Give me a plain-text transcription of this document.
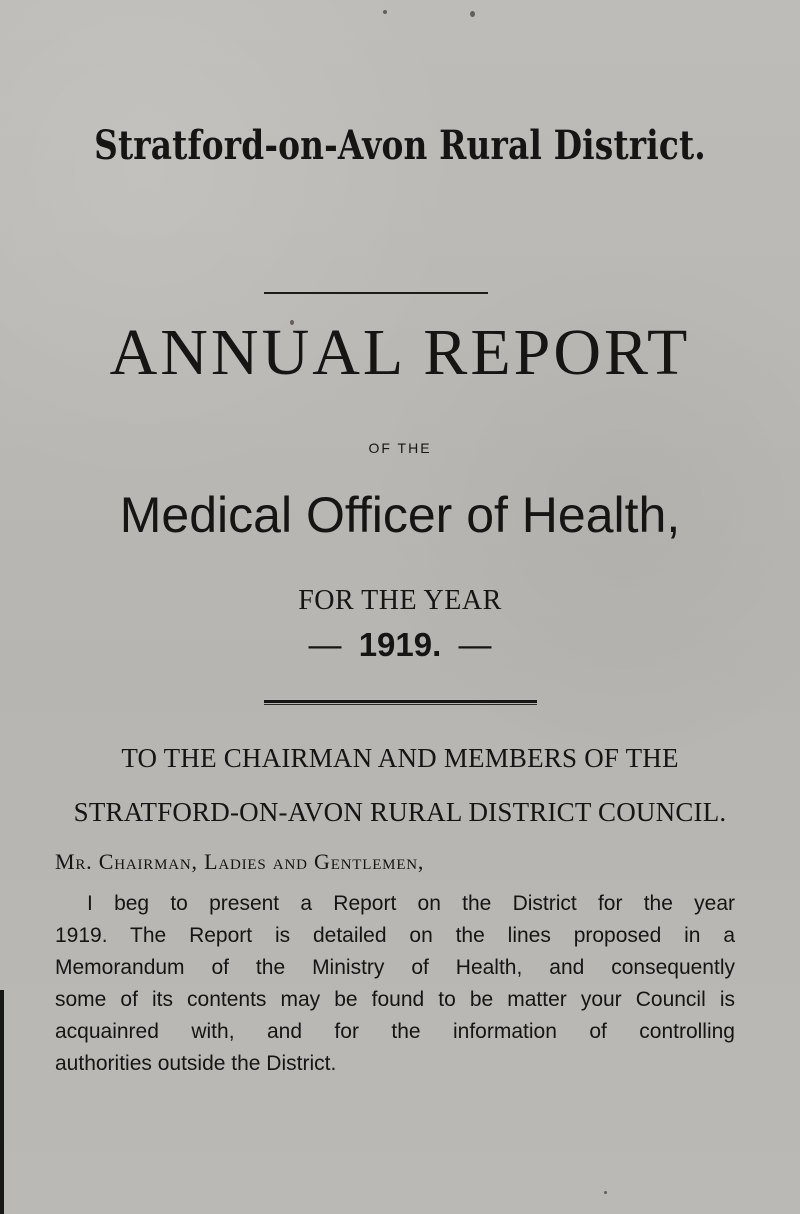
Stratford-on-Avon Rural District.
ANNUAL REPORT
OF THE
Medical Officer of Health,
FOR THE YEAR
— 1919. —
TO THE CHAIRMAN AND MEMBERS OF THE
STRATFORD-ON-AVON RURAL DISTRICT COUNCIL.
Mr. Chairman, Ladies and Gentlemen,

I beg to present a Report on the District for the year
1919. The Report is detailed on the lines proposed in a
Memorandum of the Ministry of Health, and consequently
some of its contents may be found to be matter your Council is
acquainred with, and for the information of controlling
authorities outside the District.
